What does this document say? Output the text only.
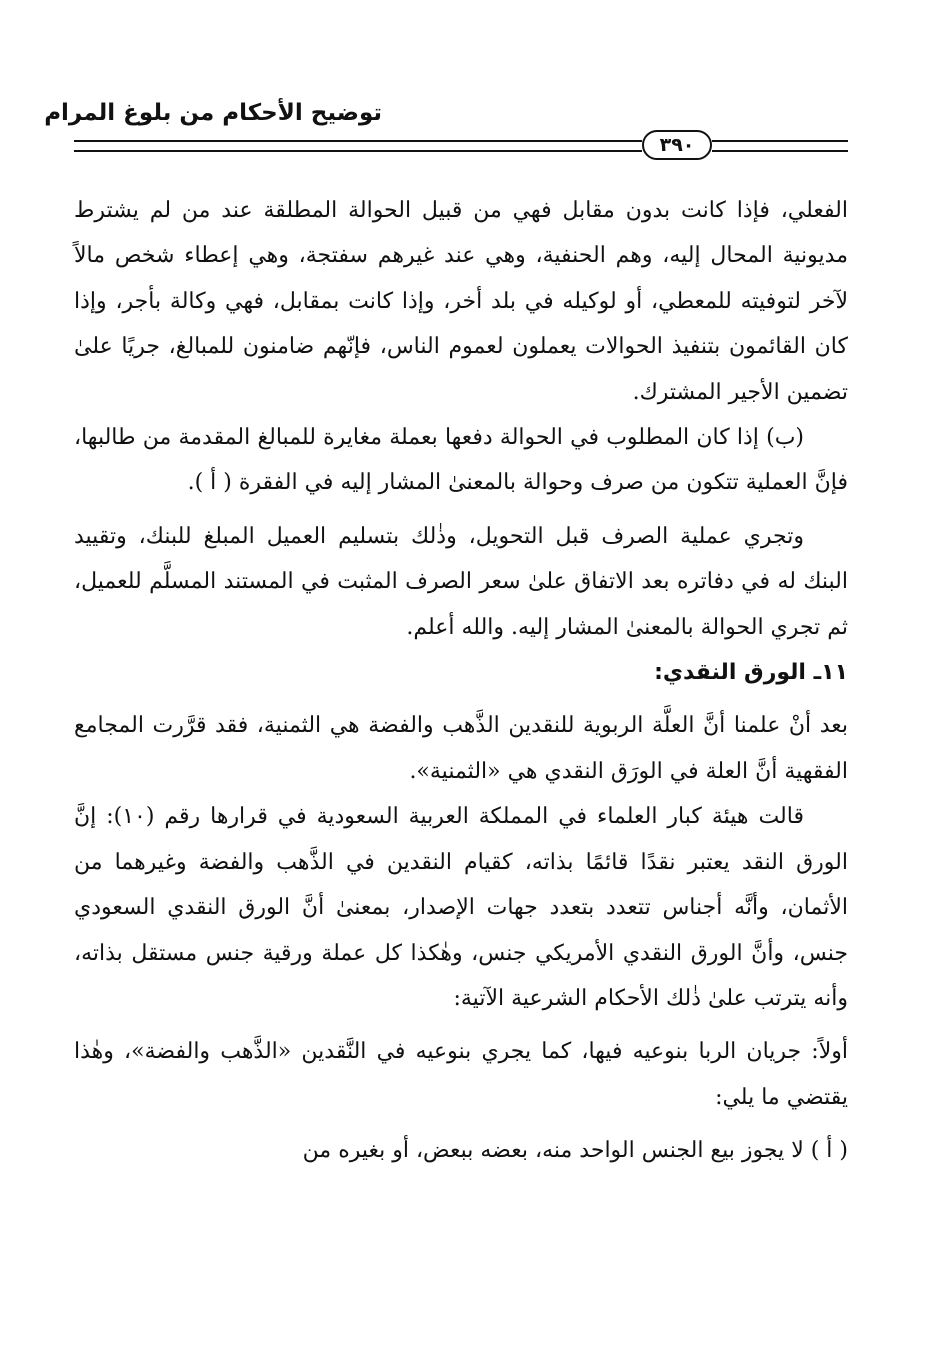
توضيح الأحكام من بلوغ المرام
٣٩٠

الفعلي، فإذا كانت بدون مقابل فهي من قبيل الحوالة المطلقة عند من لم يشترط مديونية المحال إليه، وهم الحنفية، وهي عند غيرهم سفتجة، وهي إعطاء شخص مالاً لآخر لتوفيته للمعطي، أو لوكيله في بلد أخر، وإذا كانت بمقابل، فهي وكالة بأجر، وإذا كان القائمون بتنفيذ الحوالات يعملون لعموم الناس، فإنّهم ضامنون للمبالغ، جريًا علىٰ تضمين الأجير المشترك.

(ب) إذا كان المطلوب في الحوالة دفعها بعملة مغايرة للمبالغ المقدمة من طالبها، فإنَّ العملية تتكون من صرف وحوالة بالمعنىٰ المشار إليه في الفقرة ( أ ).

وتجري عملية الصرف قبل التحويل، وذٰلك بتسليم العميل المبلغ للبنك، وتقييد البنك له في دفاتره بعد الاتفاق علىٰ سعر الصرف المثبت في المستند المسلَّم للعميل، ثم تجري الحوالة بالمعنىٰ المشار إليه. والله أعلم.

١١ـ الورق النقدي:

بعد أنْ علمنا أنَّ العلَّة الربوية للنقدين الذَّهب والفضة هي الثمنية، فقد قرَّرت المجامع الفقهية أنَّ العلة في الورَق النقدي هي «الثمنية».

قالت هيئة كبار العلماء في المملكة العربية السعودية في قرارها رقم (١٠): إنَّ الورق النقد يعتبر نقدًا قائمًا بذاته، كقيام النقدين في الذَّهب والفضة وغيرهما من الأثمان، وأنَّه أجناس تتعدد بتعدد جهات الإصدار، بمعنىٰ أنَّ الورق النقدي السعودي جنس، وأنَّ الورق النقدي الأمريكي جنس، وهٰكذا كل عملة ورقية جنس مستقل بذاته، وأنه يترتب علىٰ ذٰلك الأحكام الشرعية الآتية:

أولاً: جريان الربا بنوعيه فيها، كما يجري بنوعيه في النَّقدين «الذَّهب والفضة»، وهٰذا يقتضي ما يلي:

( أ ) لا يجوز بيع الجنس الواحد منه، بعضه ببعض، أو بغيره من
